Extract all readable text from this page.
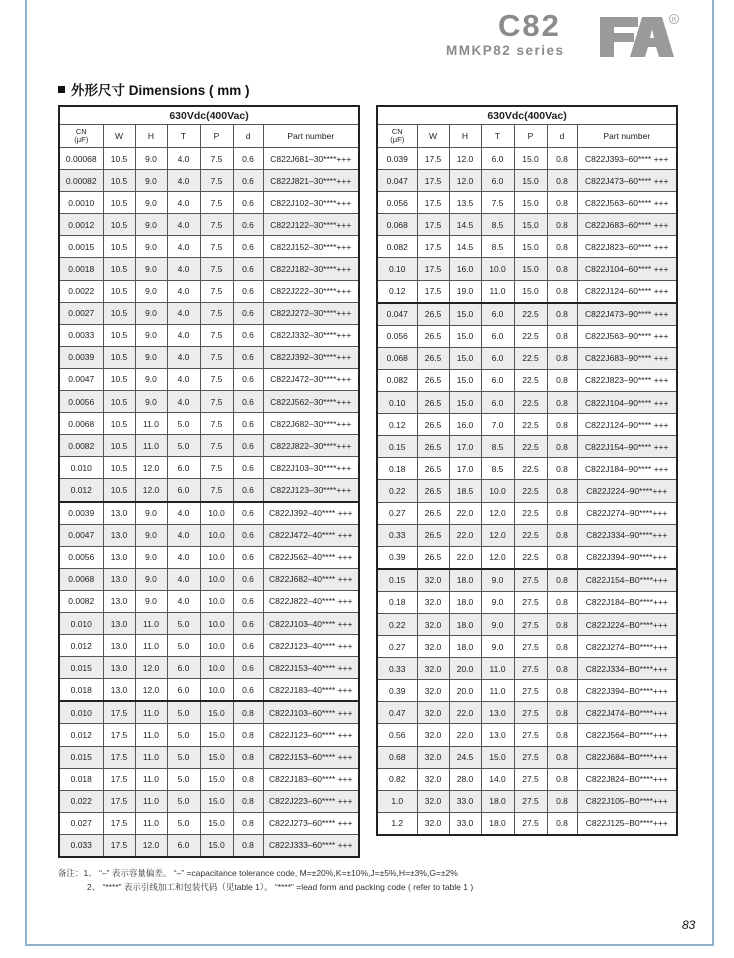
C82
MMKP82 series
R
外形尺寸 Dimensions ( mm )
630Vdc(400Vac)						
CN
(μF)	W	H	T	P	d	Part number
0.00068	10.5	9.0	4.0	7.5	0.6	C822J681–30****+++
0.00082	10.5	9.0	4.0	7.5	0.6	C822J821–30****+++
0.0010	10.5	9.0	4.0	7.5	0.6	C822J102–30****+++
0.0012	10.5	9.0	4.0	7.5	0.6	C822J122–30****+++
0.0015	10.5	9.0	4.0	7.5	0.6	C822J152–30****+++
0.0018	10.5	9.0	4.0	7.5	0.6	C822J182–30****+++
0.0022	10.5	9.0	4.0	7.5	0.6	C822J222–30****+++
0.0027	10.5	9.0	4.0	7.5	0.6	C822J272–30****+++
0.0033	10.5	9.0	4.0	7.5	0.6	C822J332–30****+++
0.0039	10.5	9.0	4.0	7.5	0.6	C822J392–30****+++
0.0047	10.5	9.0	4.0	7.5	0.6	C822J472–30****+++
0.0056	10.5	9.0	4.0	7.5	0.6	C822J562–30****+++
0.0068	10.5	11.0	5.0	7.5	0.6	C822J682–30****+++
0.0082	10.5	11.0	5.0	7.5	0.6	C822J822–30****+++
0.010	10.5	12.0	6.0	7.5	0.6	C822J103–30****+++
0.012	10.5	12.0	6.0	7.5	0.6	C822J123–30****+++
0.0039	13.0	9.0	4.0	10.0	0.6	C822J392–40**** +++
0.0047	13.0	9.0	4.0	10.0	0.6	C822J472–40**** +++
0.0056	13.0	9.0	4.0	10.0	0.6	C822J562–40**** +++
0.0068	13.0	9.0	4.0	10.0	0.6	C822J682–40**** +++
0.0082	13.0	9.0	4.0	10.0	0.6	C822J822–40**** +++
0.010	13.0	11.0	5.0	10.0	0.6	C822J103–40**** +++
0.012	13.0	11.0	5.0	10.0	0.6	C822J123–40**** +++
0.015	13.0	12.0	6.0	10.0	0.6	C822J153–40**** +++
0.018	13.0	12.0	6.0	10.0	0.6	C822J183–40**** +++
0.010	17.5	11.0	5.0	15.0	0.8	C822J103–60**** +++
0.012	17.5	11.0	5.0	15.0	0.8	C822J123–60**** +++
0.015	17.5	11.0	5.0	15.0	0.8	C822J153–60**** +++
0.018	17.5	11.0	5.0	15.0	0.8	C822J183–60**** +++
0.022	17.5	11.0	5.0	15.0	0.8	C822J223–60**** +++
0.027	17.5	11.0	5.0	15.0	0.8	C822J273–60**** +++
0.033	17.5	12.0	6.0	15.0	0.8	C822J333–60**** +++
630Vdc(400Vac)						
CN
(μF)	W	H	T	P	d	Part number
0.039	17.5	12.0	6.0	15.0	0.8	C822J393–60**** +++
0.047	17.5	12.0	6.0	15.0	0.8	C822J473–60**** +++
0.056	17.5	13.5	7.5	15.0	0.8	C822J563–60**** +++
0.068	17.5	14.5	8.5	15.0	0.8	C822J683–60**** +++
0.082	17.5	14.5	8.5	15.0	0.8	C822J823–60**** +++
0.10	17.5	16.0	10.0	15.0	0.8	C822J104–60**** +++
0.12	17.5	19.0	11.0	15.0	0.8	C822J124–60**** +++
0.047	26.5	15.0	6.0	22.5	0.8	C822J473–90**** +++
0.056	26.5	15.0	6.0	22.5	0.8	C822J563–90**** +++
0.068	26.5	15.0	6.0	22.5	0.8	C822J683–90**** +++
0.082	26.5	15.0	6.0	22.5	0.8	C822J823–90**** +++
0.10	26.5	15.0	6.0	22.5	0.8	C822J104–90**** +++
0.12	26.5	16.0	7.0	22.5	0.8	C822J124–90**** +++
0.15	26.5	17.0	8.5	22.5	0.8	C822J154–90**** +++
0.18	26.5	17.0	8.5	22.5	0.8	C822J184–90**** +++
0.22	26.5	18.5	10.0	22.5	0.8	C822J224–90****+++
0.27	26.5	22.0	12.0	22.5	0.8	C822J274–90****+++
0.33	26.5	22.0	12.0	22.5	0.8	C822J334–90****+++
0.39	26.5	22.0	12.0	22.5	0.8	C822J394–90****+++
0.15	32.0	18.0	9.0	27.5	0.8	C822J154–B0****+++
0.18	32.0	18.0	9.0	27.5	0.8	C822J184–B0****+++
0.22	32.0	18.0	9.0	27.5	0.8	C822J224–B0****+++
0.27	32.0	18.0	9.0	27.5	0.8	C822J274–B0****+++
0.33	32.0	20.0	11.0	27.5	0.8	C822J334–B0****+++
0.39	32.0	20.0	11.0	27.5	0.8	C822J394–B0****+++
0.47	32.0	22.0	13.0	27.5	0.8	C822J474–B0****+++
0.56	32.0	22.0	13.0	27.5	0.8	C822J564–B0****+++
0.68	32.0	24.5	15.0	27.5	0.8	C822J684–B0****+++
0.82	32.0	28.0	14.0	27.5	0.8	C822J824–B0****+++
1.0	32.0	33.0	18.0	27.5	0.8	C822J105–B0****+++
1.2	32.0	33.0	18.0	27.5	0.8	C822J125–B0****+++
备注：1、 “–” 表示容量偏差。 “–” =capacitance tolerance code, M=±20%,K=±10%,J=±5%,H=±3%,G=±2%
2、 “****” 表示引线加工和包装代码（见table 1）。 “****” =lead form and packing code ( refer to table 1 )
83
